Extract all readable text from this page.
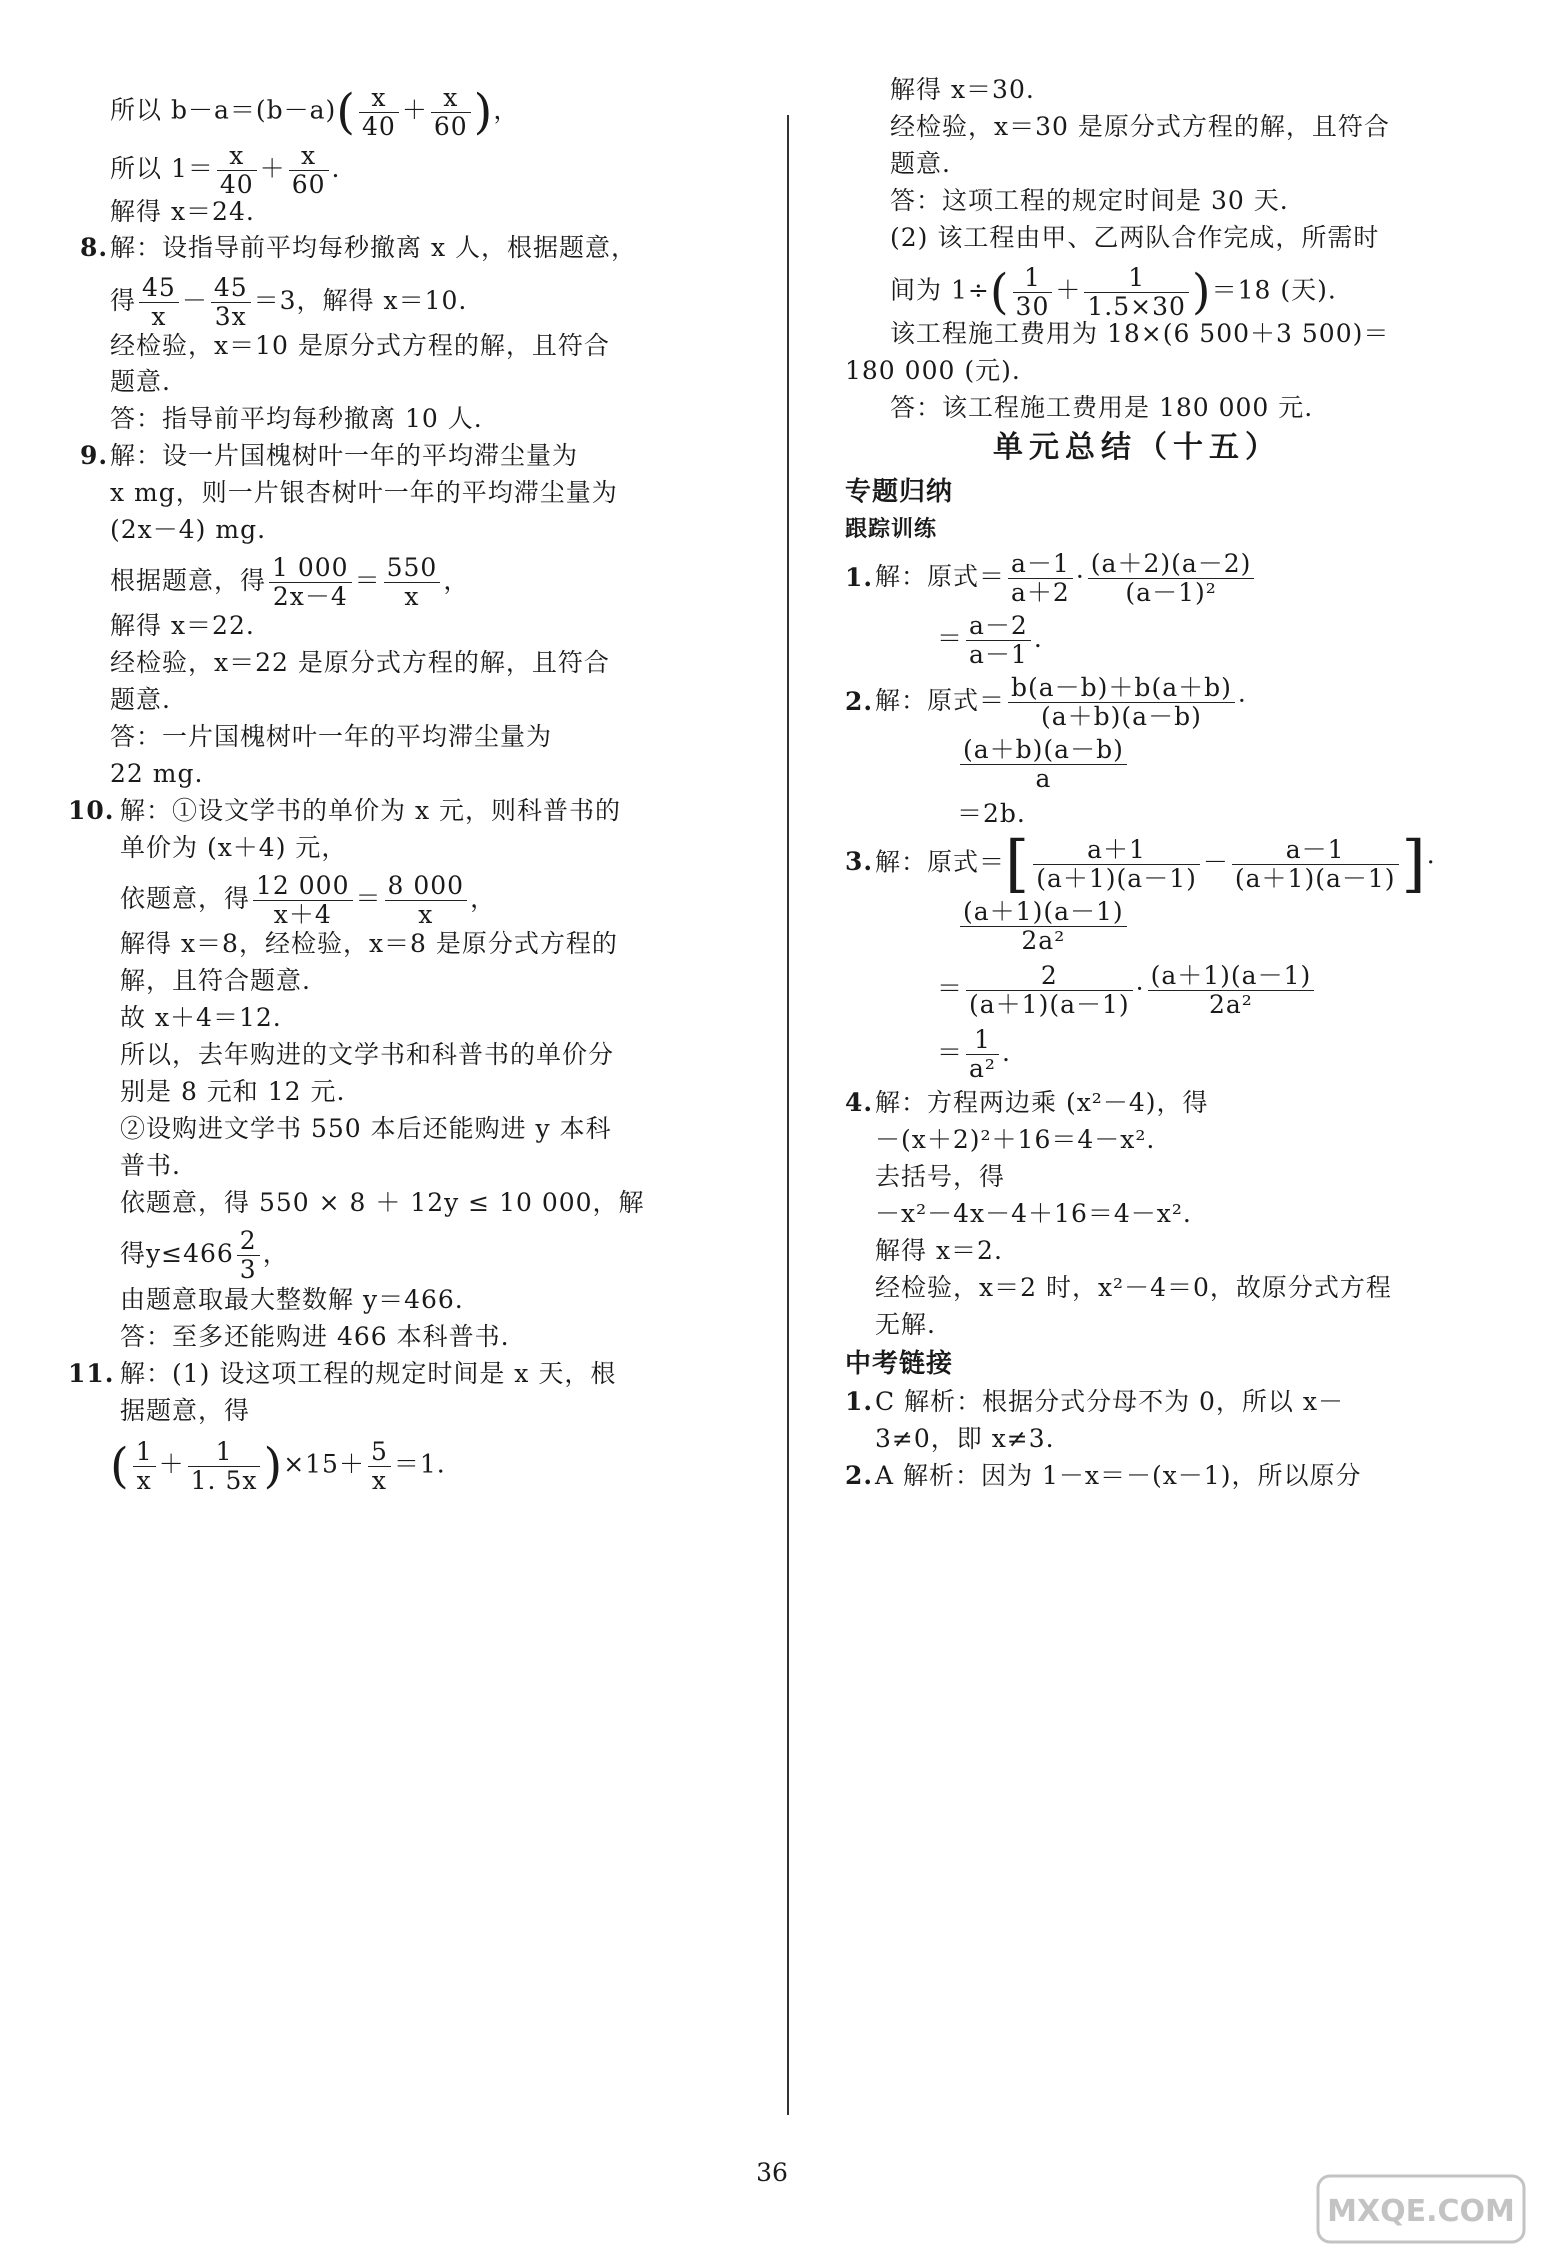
所以 $b-a=(b-a)( \frac{x}{40} + \frac{x}{60}$ )，
所以 $1= \frac{x}{40} + \frac{x}{60}$ .
解得 x＝24.
8. 解：设指导前平均每秒撤离 x 人，根据题意，
得 $\frac{45}{x} - \frac{45}{3x} =3$，解得 x＝10.
经检验，x＝10 是原分式方程的解，且符合
题意.
答：指导前平均每秒撤离 10 人.
9. 解：设一片国槐树叶一年的平均滞尘量为
x mg，则一片银杏树叶一年的平均滞尘量为
(2x－4) mg.
根据题意，得 $\frac{1 000}{2x-4} = \frac{550}{x}$ ，
解得 x＝22.
经检验，x＝22 是原分式方程的解，且符合
题意.
答：一片国槐树叶一年的平均滞尘量为
22 mg.
10. 解：①设文学书的单价为 x 元，则科普书的
单价为 (x＋4) 元，
依题意，得 $\frac{12 000}{x+4} = \frac{8 000}{x}$ ，
解得 x＝8，经检验，x＝8 是原分式方程的
解，且符合题意.
故 x＋4＝12.
所以，去年购进的文学书和科普书的单价分
别是 8 元和 12 元.
②设购进文学书 550 本后还能购进 y 本科
普书.
依题意，得 550 × 8 ＋ 12y ≤ 10 000，解
得$y\le 466 \frac{2}{3}$ ，
由题意取最大整数解 y＝466.
答：至多还能购进 466 本科普书.
11. 解：(1) 设这项工程的规定时间是 x 天，根
据题意，得
( $\frac{1}{x} + \frac{1}{1. 5x} )\times 15+ \frac{5}{x} =1$.
解得 x＝30.
经检验，x＝30 是原分式方程的解，且符合
题意.
答：这项工程的规定时间是 30 天.
(2) 该工程由甲、乙两队合作完成，所需时
间为 $1\div( \frac{1}{30} + \frac{1}{1.5\times 30} )=18$ (天).
该工程施工费用为 18×(6 500＋3 500)＝
180 000 (元).
答：该工程施工费用是 180 000 元.
单元总结（十五）
专题归纳
跟踪训练
1. 解：原式＝ $\frac{a-1}{a+2} \cdot \frac{(a+2)(a-2)}{\text{(a－1)²}}$
＝ $\frac{a-2}{a-1}$ .
2. 解：原式＝ $\frac{b(a-b)+b(a+b)}{(a+b)(a-b)}$ ·
$\frac{(a+b)(a-b)}{a}$
＝2b.
3. 解：原式＝[ $\frac{a+1}{(a+1)(a-1)} - \frac{a-1}{(a+1)(a-1)}$ ]·
$\frac{(a+1)(a-1)}{\text{2a²}}$
＝ $\frac{2}{(a+1)(a-1)} \cdot \frac{(a+1)(a-1)}{\text{2a²}}$
＝ $\frac{1}{\text{a²}}$ .
4. 解：方程两边乘 (x²－4)，得
－(x＋2)²＋16＝4－x².
去括号，得
－x²－4x－4＋16＝4－x².
解得 x＝2.
经检验，x＝2 时，x²－4＝0，故原分式方程
无解.
中考链接
1. C 解析：根据分式分母不为 0，所以 x－
3≠0，即 x≠3.
2. A 解析：因为 1－x＝－(x－1)，所以原分
36
MXQE.COM
